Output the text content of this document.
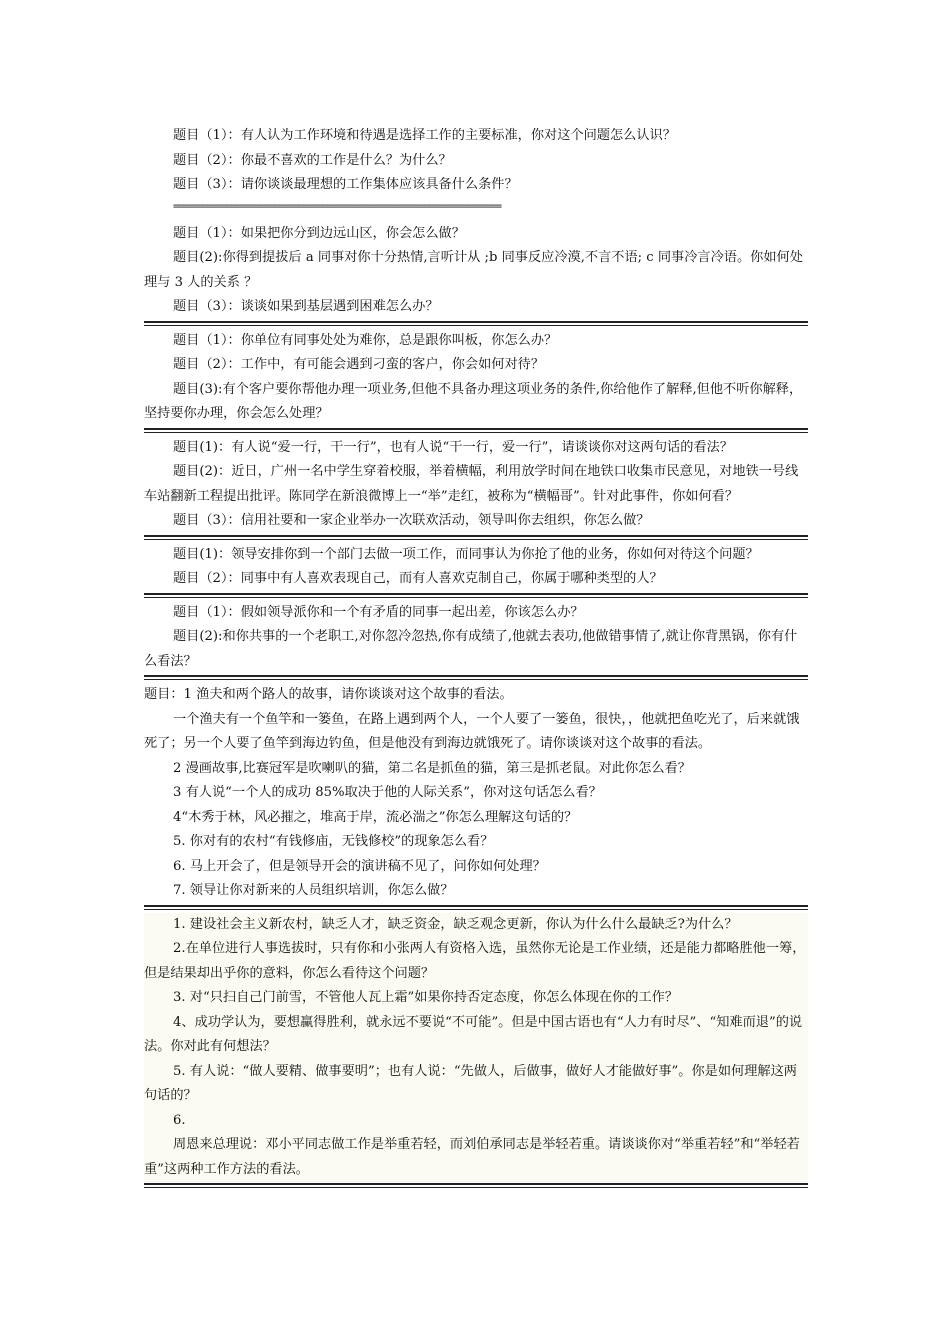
题目（1）：有人认为工作环境和待遇是选择工作的主要标准，你对这个问题怎么认识？

题目（2）：你最不喜欢的工作是什么？为什么？

题目（3）：请你谈谈最理想的工作集体应该具备什么条件？

====================================================================

题目（1）：如果把你分到边远山区，你会怎么做？

题目(2):你得到提拔后 a 同事对你十分热情,言听计从 ;b 同事反应冷漠,不言不语; c 同事冷言冷语。你如何处理与 3 人的关系 ？

题目（3）：谈谈如果到基层遇到困难怎么办？

题目（1）：你单位有同事处处为难你，总是跟你叫板，你怎么办？

题目（2）：工作中，有可能会遇到刁蛮的客户，你会如何对待？

题目(3):有个客户要你帮他办理一项业务,但他不具备办理这项业务的条件,你给他作了解释,但他不听你解释，坚持要你办理，你会怎么处理？

题目(1)：有人说“爱一行，干一行”，也有人说“干一行，爱一行”，请谈谈你对这两句话的看法？

题目(2)：近日，广州一名中学生穿着校服，举着横幅，利用放学时间在地铁口收集市民意见，对地铁一号线车站翻新工程提出批评。陈同学在新浪微博上一“举”走红，被称为“横幅哥”。针对此事件，你如何看？

题目（3）：信用社要和一家企业举办一次联欢活动，领导叫你去组织，你怎么做？

题目(1)：领导安排你到一个部门去做一项工作，而同事认为你抢了他的业务，你如何对待这个问题？

题目（2）：同事中有人喜欢表现自己，而有人喜欢克制自己，你属于哪种类型的人？

题目（1）：假如领导派你和一个有矛盾的同事一起出差，你该怎么办？

题目(2):和你共事的一个老职工,对你忽冷忽热,你有成绩了,他就去表功,他做错事情了,就让你背黑锅，你有什么看法？

题目：1 渔夫和两个路人的故事，请你谈谈对这个故事的看法。

一个渔夫有一个鱼竿和一篓鱼，在路上遇到两个人，一个人要了一篓鱼，很快，，他就把鱼吃光了，后来就饿死了；另一个人要了鱼竿到海边钓鱼，但是他没有到海边就饿死了。请你谈谈对这个故事的看法。

2 漫画故事,比赛冠军是吹喇叭的猫，第二名是抓鱼的猫，第三是抓老鼠。对此你怎么看？

3 有人说“一个人的成功 85%取决于他的人际关系”，你对这句话怎么看？

4“木秀于林，风必摧之，堆高于岸，流必湍之”你怎么理解这句话的？

5. 你对有的农村“有钱修庙，无钱修校”的现象怎么看？

6. 马上开会了，但是领导开会的演讲稿不见了，问你如何处理？

7. 领导让你对新来的人员组织培训，你怎么做？

1. 建设社会主义新农村，缺乏人才，缺乏资金，缺乏观念更新，你认为什么什么最缺乏?为什么？

2.在单位进行人事选拔时，只有你和小张两人有资格入选，虽然你无论是工作业绩，还是能力都略胜他一筹，但是结果却出乎你的意料，你怎么看待这个问题？

3. 对“只扫自己门前雪，不管他人瓦上霜”如果你持否定态度，你怎么体现在你的工作？

4、成功学认为，要想赢得胜利，就永远不要说“不可能”。但是中国古语也有“人力有时尽”、“知难而退”的说法。你对此有何想法？

5. 有人说：“做人要精、做事要明”；也有人说：“先做人，后做事，做好人才能做好事”。你是如何理解这两句话的？

6.

周恩来总理说：邓小平同志做工作是举重若轻，而刘伯承同志是举轻若重。请谈谈你对“举重若轻”和“举轻若重”这两种工作方法的看法。
